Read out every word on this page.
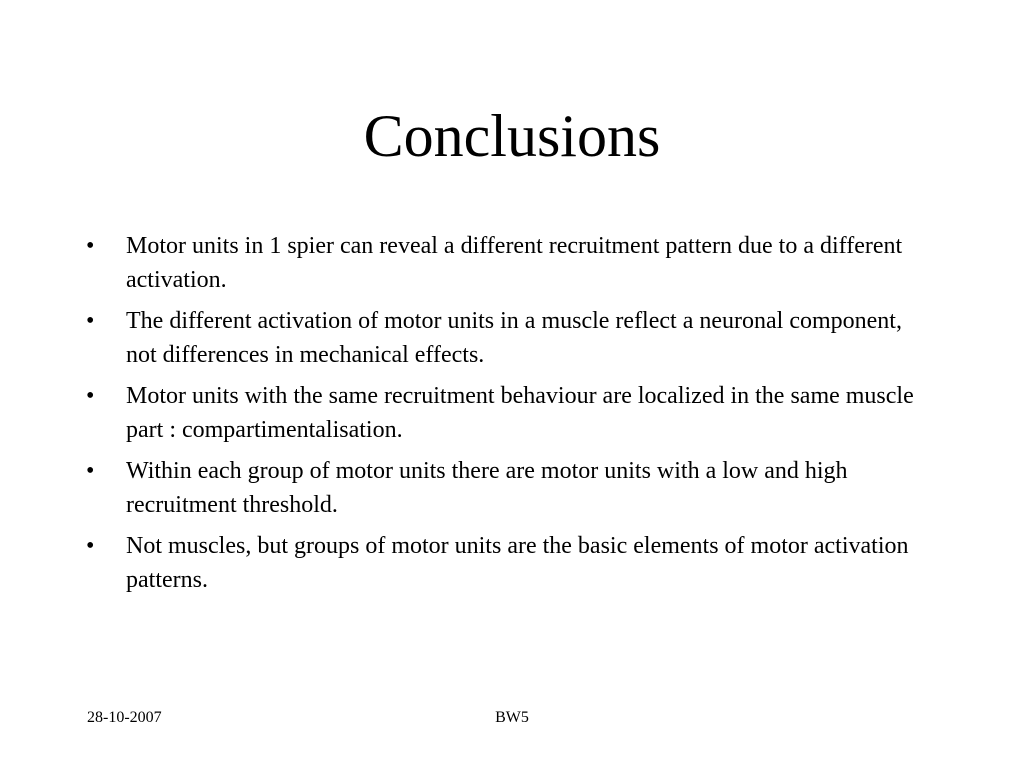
Conclusions
•	Motor units in 1 spier can reveal a different recruitment pattern due to a different activation.
•	The different activation of motor units in a muscle reflect a neuronal component, not differences in mechanical effects.
•	Motor units with the same recruitment behaviour are localized in the same muscle part : compartimentalisation.
•	Within each group of motor units there are motor units with a low and high recruitment threshold.
•	Not muscles, but groups of motor units are the basic elements of motor activation patterns.
28-10-2007	BW5
